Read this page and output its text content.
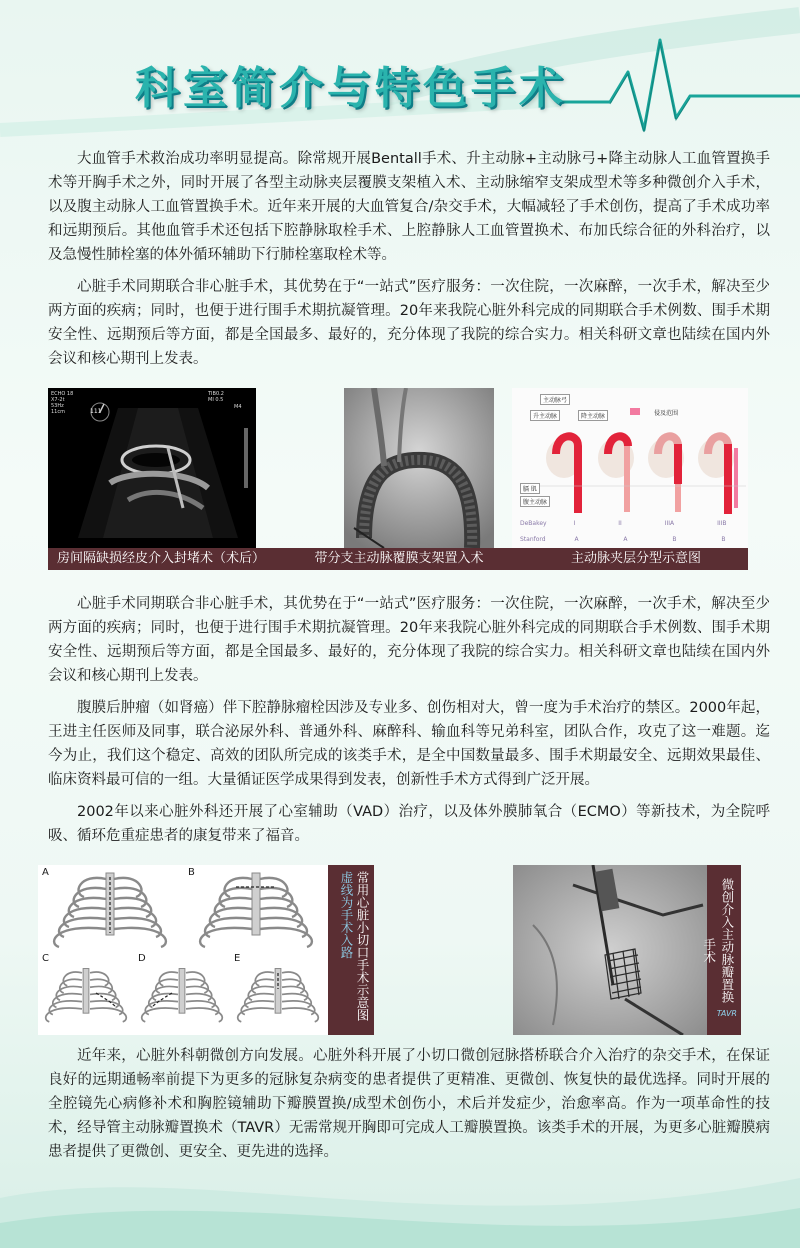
科室简介与特色手术

大血管手术救治成功率明显提高。除常规开展Bentall手术、升主动脉+主动脉弓+降主动脉人工血管置换手术等开胸手术之外，同时开展了各型主动脉夹层覆膜支架植入术、主动脉缩窄支架成型术等多种微创介入手术，以及腹主动脉人工血管置换手术。近年来开展的大血管复合/杂交手术，大幅减轻了手术创伤，提高了手术成功率和远期预后。其他血管手术还包括下腔静脉取栓手术、上腔静脉人工血管置换术、布加氏综合征的外科治疗，以及急慢性肺栓塞的体外循环辅助下行肺栓塞取栓术等。

心脏手术同期联合非心脏手术，其优势在于“一站式”医疗服务：一次住院，一次麻醉，一次手术，解决至少两方面的疾病；同时，也便于进行围手术期抗凝管理。20年来我院心脏外科完成的同期联合手术例数、围手术期安全性、远期预后等方面，都是全国最多、最好的，充分体现了我院的综合实力。相关科研文章也陆续在国内外会议和核心期刊上发表。

ECHO 18
X7-2t
53Hz
11cm	111
TIB0.2
MI 0.5
M4
主动脉弓
升主动脉	降主动脉	侵及范围
膈 肌
腹主动脉
DeBakey
Stanford
I	II	IIIA	IIIB
A	A	B	B
房间隔缺损经皮介入封堵术（术后）	带分支主动脉覆膜支架置入术	主动脉夹层分型示意图

心脏手术同期联合非心脏手术，其优势在于“一站式”医疗服务：一次住院，一次麻醉，一次手术，解决至少两方面的疾病；同时，也便于进行围手术期抗凝管理。20年来我院心脏外科完成的同期联合手术例数、围手术期安全性、远期预后等方面，都是全国最多、最好的，充分体现了我院的综合实力。相关科研文章也陆续在国内外会议和核心期刊上发表。

腹膜后肿瘤（如肾癌）伴下腔静脉瘤栓因涉及专业多、创伤相对大，曾一度为手术治疗的禁区。2000年起，王进主任医师及同事，联合泌尿外科、普通外科、麻醉科、输血科等兄弟科室，团队合作，攻克了这一难题。迄今为止，我们这个稳定、高效的团队所完成的该类手术，是全中国数量最多、围手术期最安全、远期效果最佳、临床资料最可信的一组。大量循证医学成果得到发表，创新性手术方式得到广泛开展。

2002年以来心脏外科还开展了心室辅助（VAD）治疗，以及体外膜肺氧合（ECMO）等新技术，为全院呼吸、循环危重症患者的康复带来了福音。

A	B
C	D	E	常用心脏小切口手术示意图 虚线为手术入路	微创介入主动脉瓣置换 TAVR 手术

近年来，心脏外科朝微创方向发展。心脏外科开展了小切口微创冠脉搭桥联合介入治疗的杂交手术，在保证良好的远期通畅率前提下为更多的冠脉复杂病变的患者提供了更精准、更微创、恢复快的最优选择。同时开展的全腔镜先心病修补术和胸腔镜辅助下瓣膜置换/成型术创伤小，术后并发症少，治愈率高。作为一项革命性的技术，经导管主动脉瓣置换术（TAVR）无需常规开胸即可完成人工瓣膜置换。该类手术的开展，为更多心脏瓣膜病患者提供了更微创、更安全、更先进的选择。
